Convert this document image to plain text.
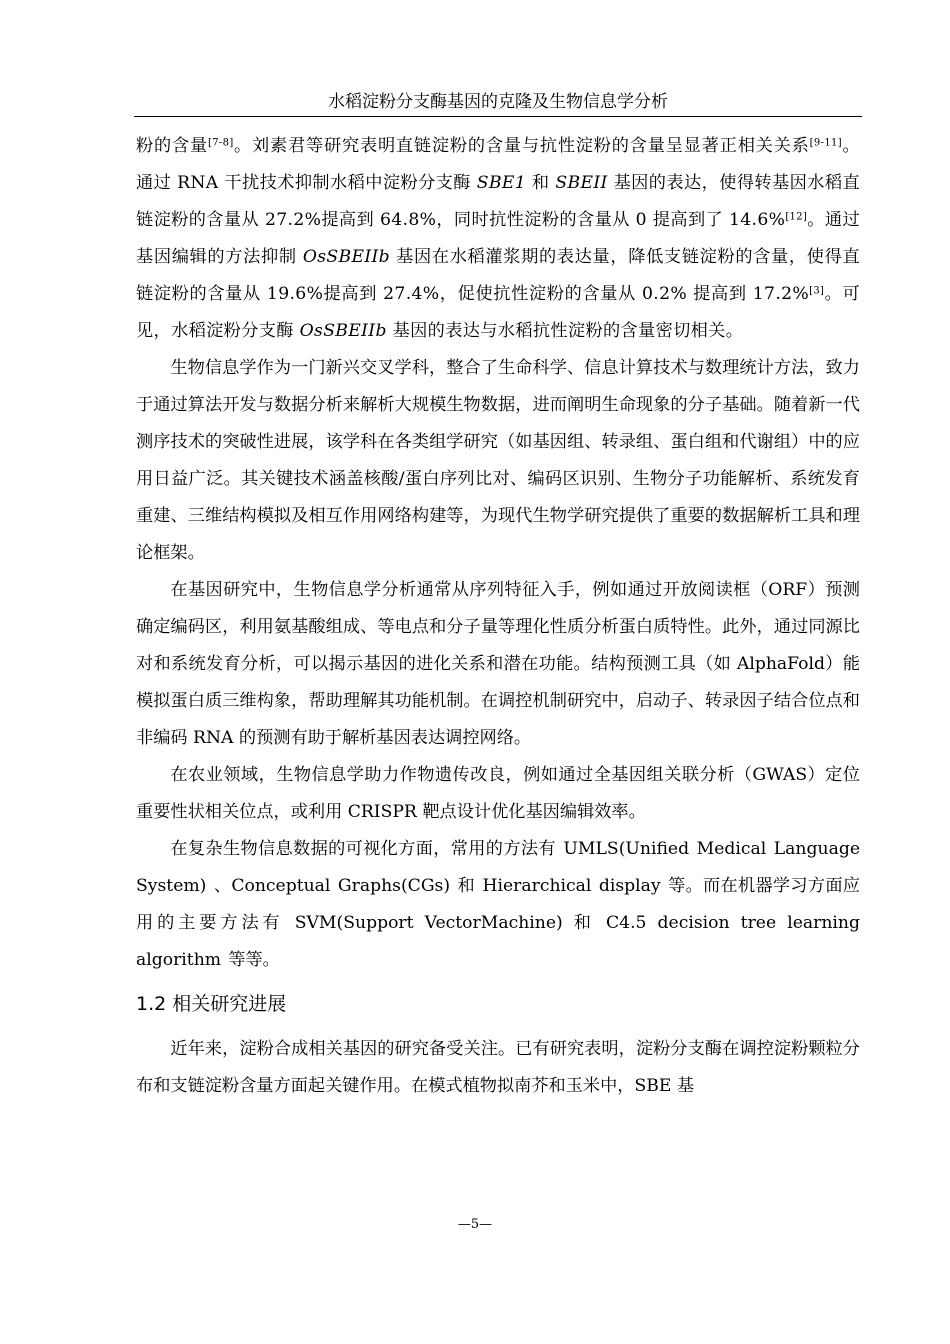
水稻淀粉分支酶基因的克隆及生物信息学分析

粉的含量[7-8]。刘素君等研究表明直链淀粉的含量与抗性淀粉的含量呈显著正相关关系[9-11]。通过 RNA 干扰技术抑制水稻中淀粉分支酶 SBE1 和 SBEII 基因的表达，使得转基因水稻直链淀粉的含量从 27.2%提高到 64.8%，同时抗性淀粉的含量从 0 提高到了 14.6%[12]。通过基因编辑的方法抑制 OsSBEIIb 基因在水稻灌浆期的表达量，降低支链淀粉的含量，使得直链淀粉的含量从 19.6%提高到 27.4%，促使抗性淀粉的含量从 0.2% 提高到 17.2%[3]。可见，水稻淀粉分支酶 OsSBEIIb 基因的表达与水稻抗性淀粉的含量密切相关。

生物信息学作为一门新兴交叉学科，整合了生命科学、信息计算技术与数理统计方法，致力于通过算法开发与数据分析来解析大规模生物数据，进而阐明生命现象的分子基础。随着新一代测序技术的突破性进展，该学科在各类组学研究（如基因组、转录组、蛋白组和代谢组）中的应用日益广泛。其关键技术涵盖核酸/蛋白序列比对、编码区识别、生物分子功能解析、系统发育重建、三维结构模拟及相互作用网络构建等，为现代生物学研究提供了重要的数据解析工具和理论框架。

在基因研究中，生物信息学分析通常从序列特征入手，例如通过开放阅读框（ORF）预测确定编码区，利用氨基酸组成、等电点和分子量等理化性质分析蛋白质特性。此外，通过同源比对和系统发育分析，可以揭示基因的进化关系和潜在功能。结构预测工具（如 AlphaFold）能模拟蛋白质三维构象，帮助理解其功能机制。在调控机制研究中，启动子、转录因子结合位点和非编码 RNA 的预测有助于解析基因表达调控网络。

在农业领域，生物信息学助力作物遗传改良，例如通过全基因组关联分析（GWAS）定位重要性状相关位点，或利用 CRISPR 靶点设计优化基因编辑效率。

在复杂生物信息数据的可视化方面，常用的方法有 UMLS(Unified Medical Language System) 、Conceptual Graphs(CGs) 和 Hierarchical display 等。而在机器学习方面应用的主要方法有 SVM(Support VectorMachine) 和 C4.5 decision tree learning algorithm 等等。

1.2 相关研究进展

近年来，淀粉合成相关基因的研究备受关注。已有研究表明，淀粉分支酶在调控淀粉颗粒分布和支链淀粉含量方面起关键作用。在模式植物拟南芥和玉米中，SBE 基

—5—
